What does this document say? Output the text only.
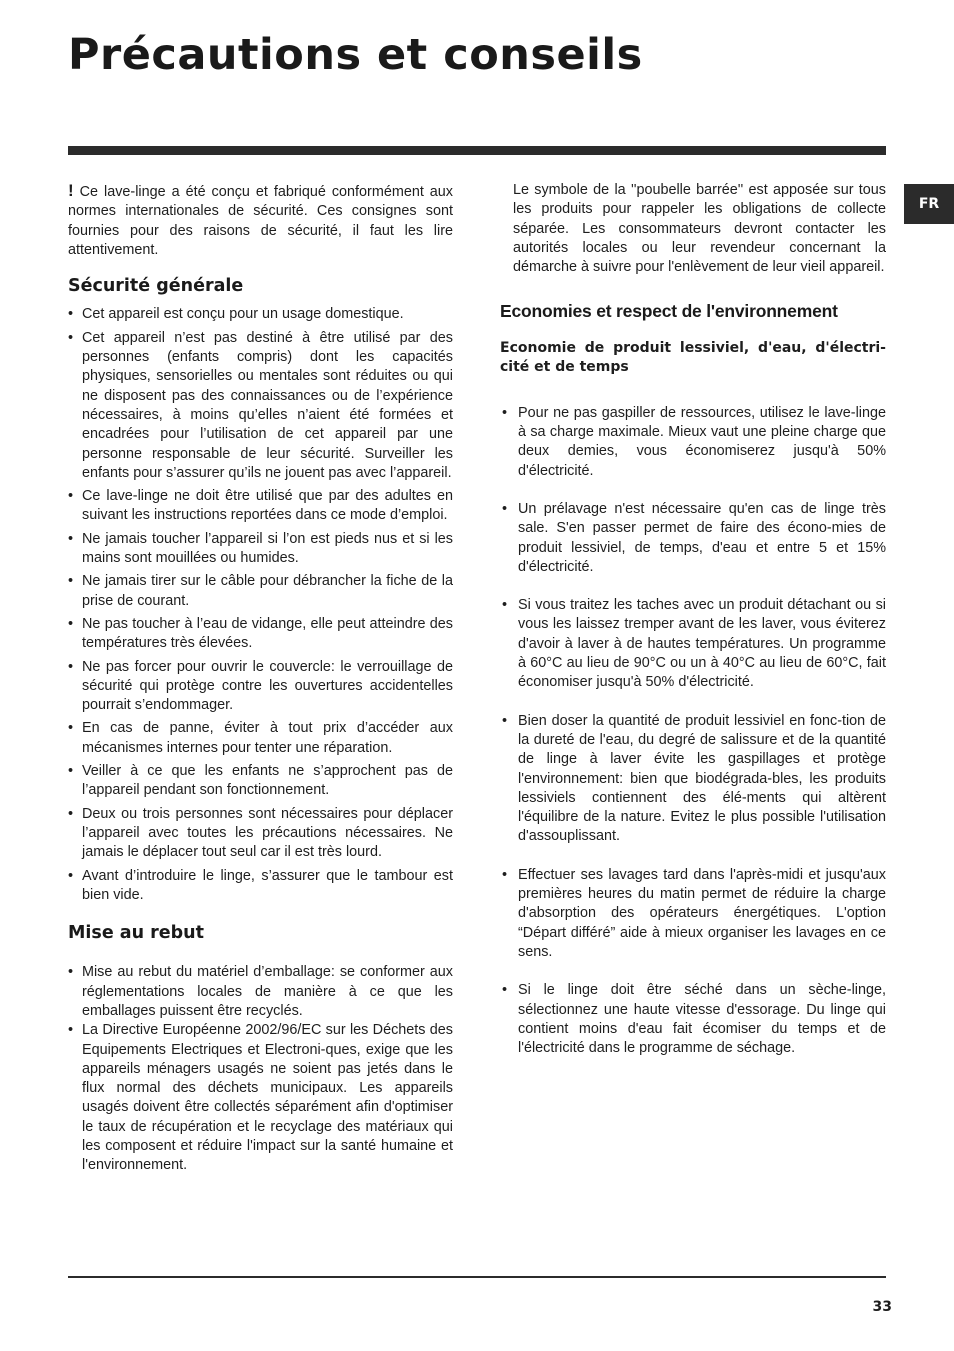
Précautions et conseils
FR

! Ce lave-linge a été conçu et fabriqué conformément aux normes internationales de sécurité. Ces consignes sont fournies pour des raisons de sécurité, il faut les lire attentivement.

Sécurité générale
• Cet appareil est conçu pour un usage domestique.
• Cet appareil n’est pas destiné à être utilisé par des personnes (enfants compris) dont les capacités physiques, sensorielles ou mentales sont réduites ou qui ne disposent pas des connaissances ou de l’expérience nécessaires, à moins qu’elles n’aient été formées et encadrées pour l’utilisation de cet appareil par une personne responsable de leur sécurité. Surveiller les enfants pour s’assurer qu’ils ne jouent pas avec l’appareil.
• Ce lave-linge ne doit être utilisé que par des adultes en suivant les instructions reportées dans ce mode d’emploi.
• Ne jamais toucher l’appareil si l’on est pieds nus et si les mains sont mouillées ou humides.
• Ne jamais tirer sur le câble pour débrancher la fiche de la prise de courant.
• Ne pas toucher à l’eau de vidange, elle peut atteindre des températures très élevées.
• Ne pas forcer pour ouvrir le couvercle: le verrouillage de sécurité qui protège contre les ouvertures accidentelles pourrait s’endommager.
• En cas de panne, éviter à tout prix d’accéder aux mécanismes internes pour tenter une réparation.
• Veiller à ce que les enfants ne s’approchent pas de l’appareil pendant son fonctionnement.
• Deux ou trois personnes sont nécessaires pour déplacer l’appareil avec toutes les précautions nécessaires. Ne jamais le déplacer tout seul car il est très lourd.
• Avant d’introduire le linge, s’assurer que le tambour est bien vide.
Mise au rebut
• Mise au rebut du matériel d’emballage: se conformer aux réglementations locales de manière à ce que les emballages puissent être recyclés.
• La Directive Européenne 2002/96/EC sur les Déchets des Equipements Electriques et Electroni-ques, exige que les appareils ménagers usagés ne soient pas jetés dans le flux normal des déchets municipaux. Les appareils usagés doivent être collectés séparément afin d'optimiser le taux de récupération et le recyclage des matériaux qui les composent et réduire l'impact sur la santé humaine et l'environnement.

Le symbole de la ''poubelle barrée'' est apposée sur tous les produits pour rappeler les obligations de collecte séparée. Les consommateurs devront contacter les autorités locales ou leur revendeur concernant la démarche à suivre pour l'enlèvement de leur vieil appareil.

Economies et respect de l'environnement
Economie de produit lessiviel, d'eau, d'électri-cité et de temps
• Pour ne pas gaspiller de ressources, utilisez le lave-linge à sa charge maximale. Mieux vaut une pleine charge que deux demies, vous économiserez jusqu'à 50% d'électricité.
• Un prélavage n'est nécessaire qu'en cas de linge très sale. S'en passer permet de faire des écono-mies de produit lessiviel, de temps, d'eau et entre 5 et 15% d'électricité.
• Si vous traitez les taches avec un produit détachant ou si vous les laissez tremper avant de les laver, vous éviterez d'avoir à laver à de hautes températures. Un programme à 60°C au lieu de 90°C ou un à 40°C au lieu de 60°C, fait économiser jusqu'à 50% d'électricité.
• Bien doser la quantité de produit lessiviel en fonc-tion de la dureté de l'eau, du degré de salissure et de la quantité de linge à laver évite les gaspillages et protège l'environnement: bien que biodégrada-bles, les produits lessiviels contiennent des élé-ments qui altèrent l'équilibre de la nature. Evitez le plus possible l'utilisation d'assouplissant.
• Effectuer ses lavages tard dans l'après-midi et jusqu'aux premières heures du matin permet de réduire la charge d'absorption des opérateurs énergétiques. L'option “Départ différé” aide à mieux organiser les lavages en ce sens.
• Si le linge doit être séché dans un sèche-linge, sélectionnez une haute vitesse d'essorage. Du linge qui contient moins d'eau fait écomiser du temps et de l'électricité dans le programme de séchage.
33
